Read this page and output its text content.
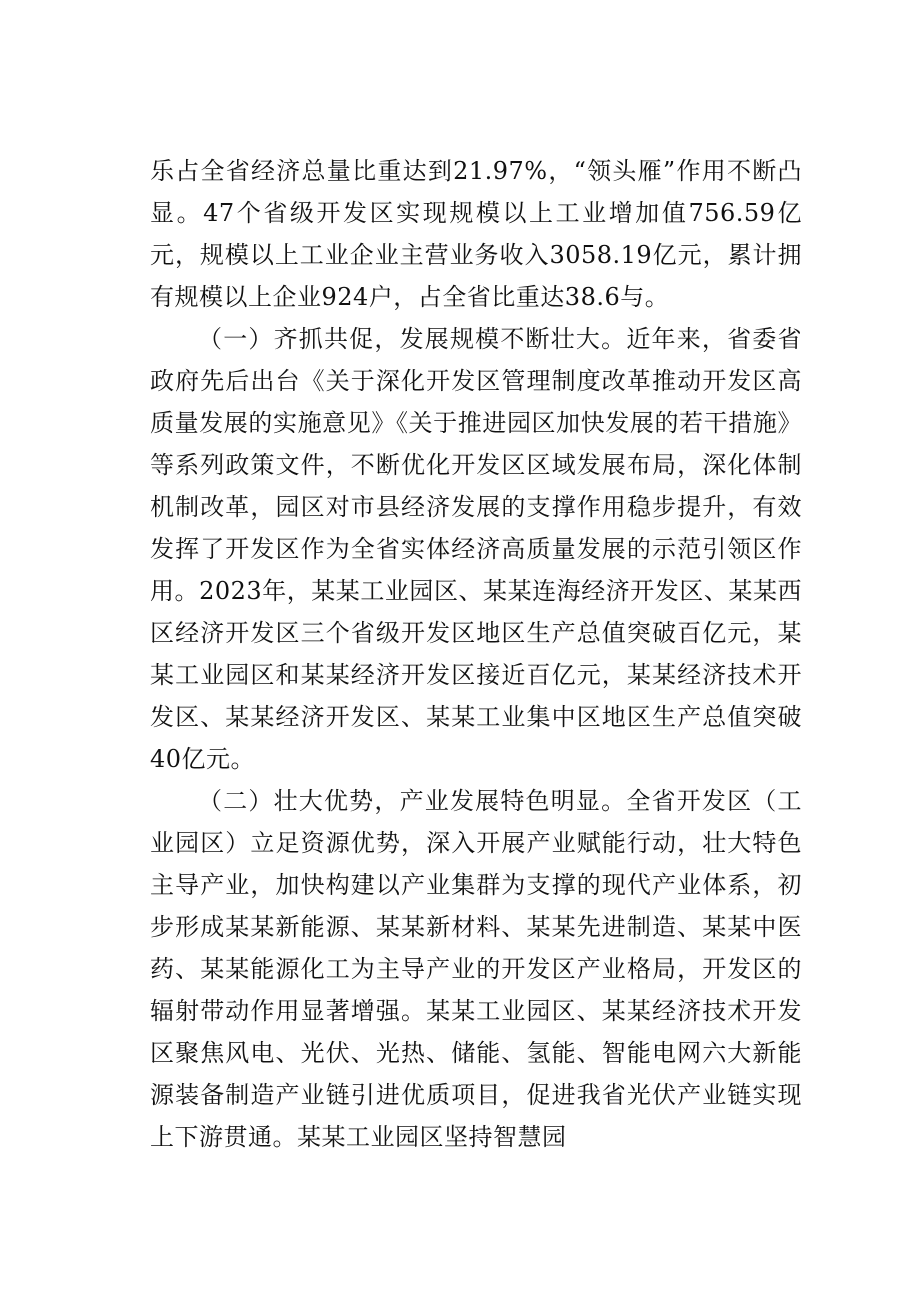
乐占全省经济总量比重达到21.97%，“领头雁”作用不断凸显。47个省级开发区实现规模以上工业增加值756.59亿元，规模以上工业企业主营业务收入3058.19亿元，累计拥有规模以上企业924户，占全省比重达38.6与。

（一）齐抓共促，发展规模不断壮大。近年来，省委省政府先后出台《关于深化开发区管理制度改革推动开发区高质量发展的实施意见》《关于推进园区加快发展的若干措施》等系列政策文件，不断优化开发区区域发展布局，深化体制机制改革，园区对市县经济发展的支撑作用稳步提升，有效发挥了开发区作为全省实体经济高质量发展的示范引领区作用。2023年，某某工业园区、某某连海经济开发区、某某西区经济开发区三个省级开发区地区生产总值突破百亿元，某某工业园区和某某经济开发区接近百亿元，某某经济技术开发区、某某经济开发区、某某工业集中区地区生产总值突破40亿元。

（二）壮大优势，产业发展特色明显。全省开发区（工业园区）立足资源优势，深入开展产业赋能行动，壮大特色主导产业，加快构建以产业集群为支撑的现代产业体系，初步形成某某新能源、某某新材料、某某先进制造、某某中医药、某某能源化工为主导产业的开发区产业格局，开发区的辐射带动作用显著增强。某某工业园区、某某经济技术开发区聚焦风电、光伏、光热、储能、氢能、智能电网六大新能源装备制造产业链引进优质项目，促进我省光伏产业链实现上下游贯通。某某工业园区坚持智慧园
